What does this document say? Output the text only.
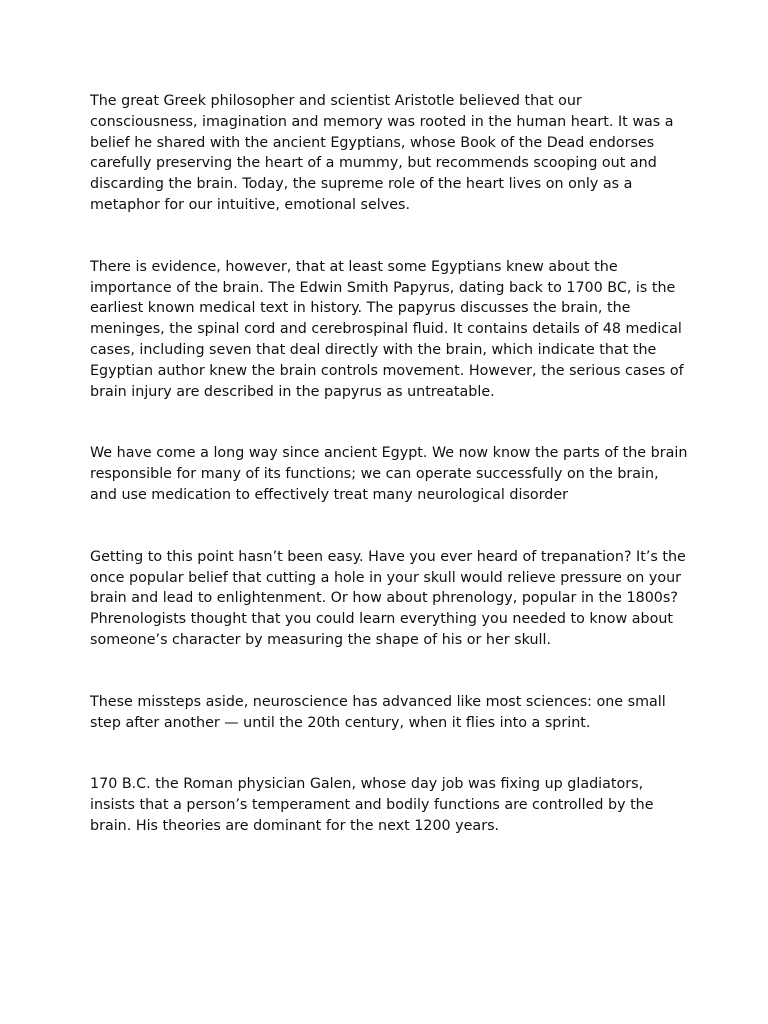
The great Greek philosopher and scientist Aristotle believed that our consciousness, imagination and memory was rooted in the human heart. It was a belief he shared with the ancient Egyptians, whose Book of the Dead endorses carefully preserving the heart of a mummy, but recommends scooping out and discarding the brain. Today, the supreme role of the heart lives on only as a metaphor for our intuitive, emotional selves.

There is evidence, however, that at least some Egyptians knew about the importance of the brain. The Edwin Smith Papyrus, dating back to 1700 BC, is the earliest known medical text in history. The papyrus discusses the brain, the meninges, the spinal cord and cerebrospinal fluid. It contains details of 48 medical cases, including seven that deal directly with the brain, which indicate that the Egyptian author knew the brain controls movement. However, the serious cases of brain injury are described in the papyrus as untreatable.

We have come a long way since ancient Egypt. We now know the parts of the brain responsible for many of its functions; we can operate successfully on the brain, and use medication to effectively treat many neurological disorder

Getting to this point hasn’t been easy. Have you ever heard of trepanation? It’s the once popular belief that cutting a hole in your skull would relieve pressure on your brain and lead to enlightenment. Or how about phrenology, popular in the 1800s? Phrenologists thought that you could learn everything you needed to know about someone’s character by measuring the shape of his or her skull.

These missteps aside, neuroscience has advanced like most sciences: one small step after another — until the 20th century, when it flies into a sprint.

170 B.C. the Roman physician Galen, whose day job was fixing up gladiators, insists that a person’s temperament and bodily functions are controlled by the brain. His theories are dominant for the next 1200 years.
